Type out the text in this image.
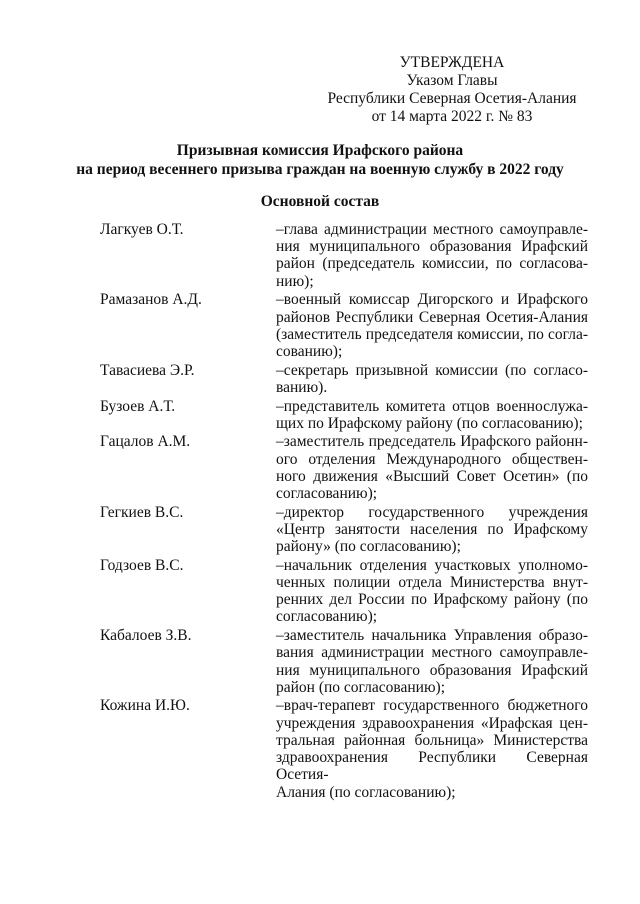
УТВЕРЖДЕНА
Указом Главы
Республики Северная Осетия-Алания
от 14 марта 2022 г. № 83
Призывная комиссия Ирафского района
на период весеннего призыва граждан на военную службу в 2022 году
Основной состав
Лагкуев О.Т.	–глава администрации местного самоуправле-
ния муниципального образования Ирафский
район (председатель комиссии, по согласова-
нию);
Рамазанов А.Д.	–военный комиссар Дигорского и Ирафского
районов Республики Северная Осетия-Алания
(заместитель председателя комиссии, по согла-
сованию);
Тавасиева Э.Р.	–секретарь призывной комиссии (по согласо-
ванию).
Бузоев А.Т.	–представитель комитета отцов военнослужа-
щих по Ирафскому району (по согласованию);
Гацалов А.М.	–заместитель председатель Ирафского районн-
ого отделения Международного обществен-
ного движения «Высший Совет Осетин» (по
согласованию);
Гегкиев В.С.	–директор государственного учреждения
«Центр занятости населения по Ирафскому
району» (по согласованию);
Годзоев В.С.	–начальник отделения участковых уполномо-
ченных полиции отдела Министерства внут-
ренних дел России по Ирафскому району (по
согласованию);
Кабалоев З.В.	–заместитель начальника Управления образо-
вания администрации местного самоуправле-
ния муниципального образования Ирафский
район (по согласованию);
Кожина И.Ю.	–врач-терапевт государственного бюджетного
учреждения здравоохранения «Ирафская цен-
тральная районная больница» Министерства
здравоохранения Республики Северная Осетия-
Алания (по согласованию);
